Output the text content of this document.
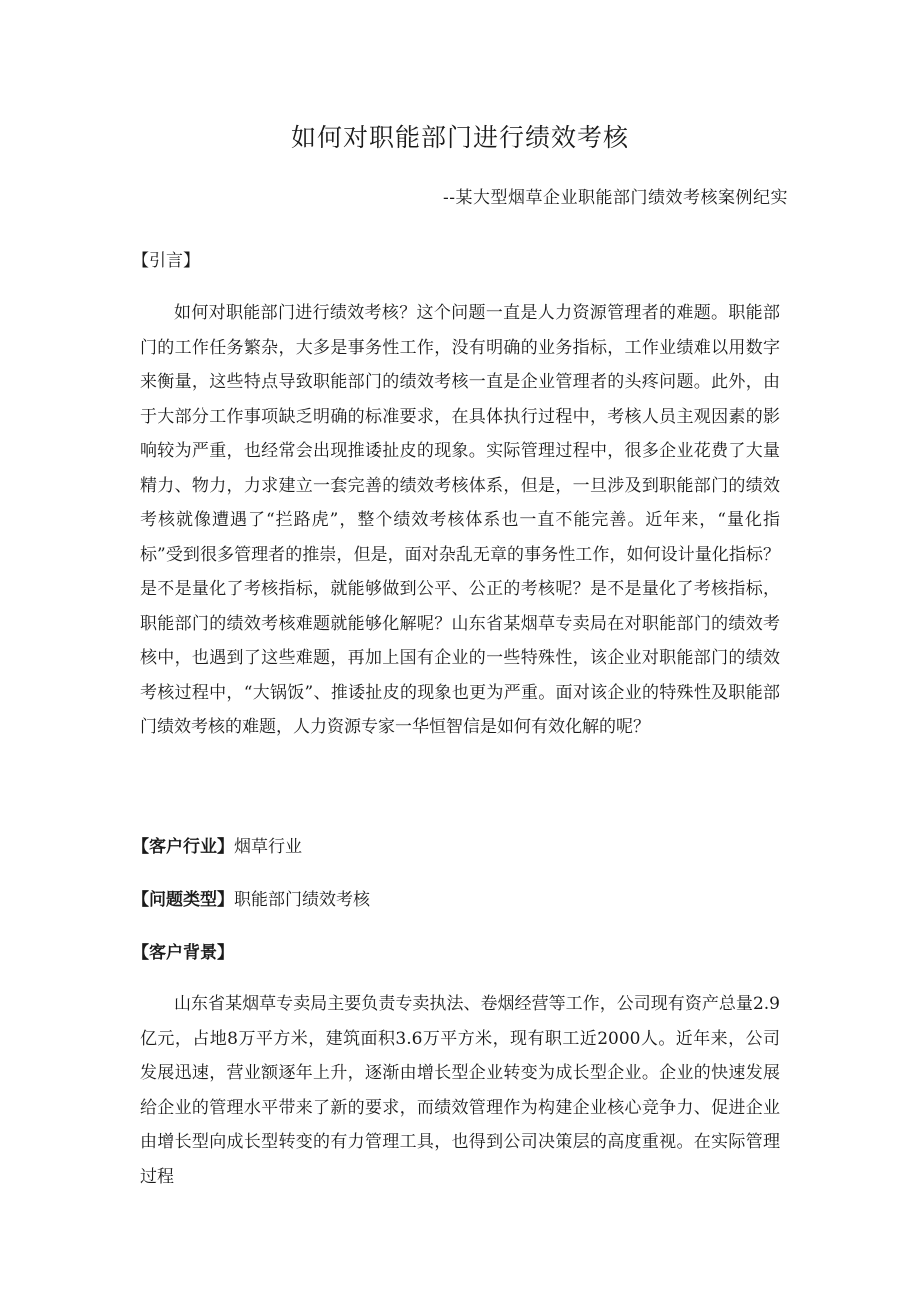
如何对职能部门进行绩效考核

--某大型烟草企业职能部门绩效考核案例纪实

【引言】

如何对职能部门进行绩效考核？这个问题一直是人力资源管理者的难题。职能部门的工作任务繁杂，大多是事务性工作，没有明确的业务指标，工作业绩难以用数字来衡量，这些特点导致职能部门的绩效考核一直是企业管理者的头疼问题。此外，由于大部分工作事项缺乏明确的标准要求，在具体执行过程中，考核人员主观因素的影响较为严重，也经常会出现推诿扯皮的现象。实际管理过程中，很多企业花费了大量精力、物力，力求建立一套完善的绩效考核体系，但是，一旦涉及到职能部门的绩效考核就像遭遇了“拦路虎”，整个绩效考核体系也一直不能完善。近年来，“量化指标”受到很多管理者的推崇，但是，面对杂乱无章的事务性工作，如何设计量化指标？是不是量化了考核指标，就能够做到公平、公正的考核呢？是不是量化了考核指标，职能部门的绩效考核难题就能够化解呢？山东省某烟草专卖局在对职能部门的绩效考核中，也遇到了这些难题，再加上国有企业的一些特殊性，该企业对职能部门的绩效考核过程中，“大锅饭”、推诿扯皮的现象也更为严重。面对该企业的特殊性及职能部门绩效考核的难题，人力资源专家一华恒智信是如何有效化解的呢？

【客户行业】烟草行业

【问题类型】职能部门绩效考核

【客户背景】

山东省某烟草专卖局主要负责专卖执法、卷烟经营等工作，公司现有资产总量2.9亿元，占地8万平方米，建筑面积3.6万平方米，现有职工近2000人。近年来，公司发展迅速，营业额逐年上升，逐渐由增长型企业转变为成长型企业。企业的快速发展给企业的管理水平带来了新的要求，而绩效管理作为构建企业核心竞争力、促进企业由增长型向成长型转变的有力管理工具，也得到公司决策层的高度重视。在实际管理过程
